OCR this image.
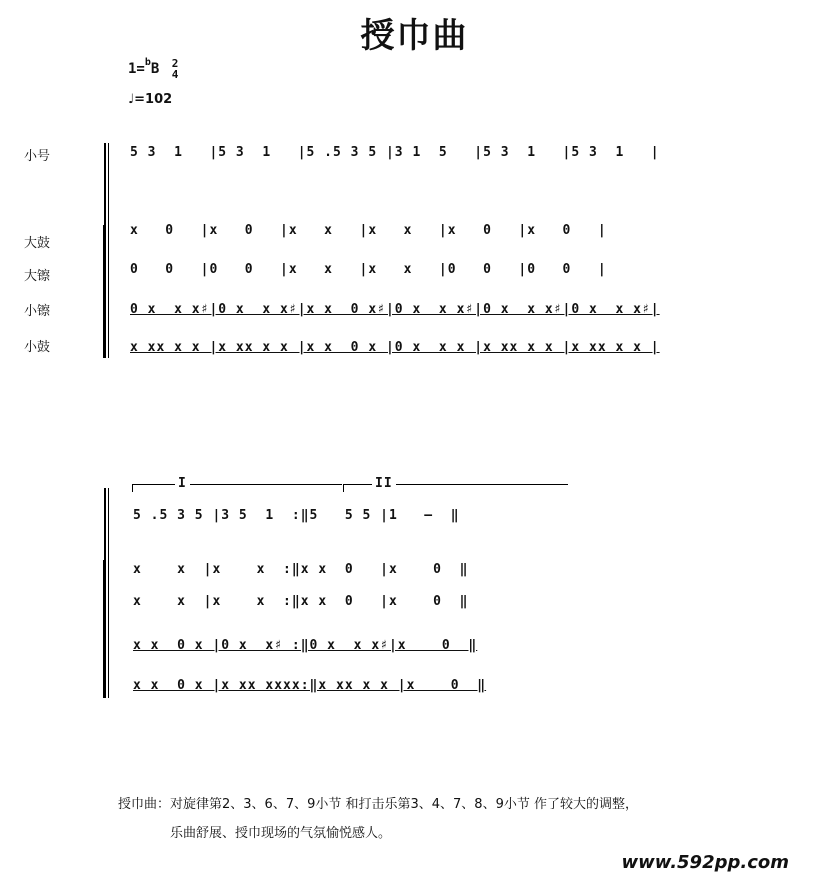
授巾曲
1=$^b$B 2
4
♩=102
小号
大鼓
大镲
小镲
小鼓
5 3  1   |5 3  1   |5 .5 3 5 |3 1  5   |5 3  1   |5 3  1   |
x   0   |x   0   |x   x   |x   x   |x   0   |x   0   |
0   0   |0   0   |x   x   |x   x   |0   0   |0   0   |
0 x  x x♯|0 x  x x♯|x x  0 x♯|0 x  x x♯|0 x  x x♯|0 x  x x♯|
x xx x x |x xx x x |x x  0 x |0 x  x x |x xx x x |x xx x x |
I	II
5 .5 3 5 |3 5  1  :‖5   5 5 |1   —  ‖
x    x  |x    x  :‖x x  0   |x    0  ‖
x    x  |x    x  :‖x x  0   |x    0  ‖
x x  0 x |0 x  x♯ :‖0 x  x x♯|x    0  ‖
x x  0 x |x xx xxxx:‖x xx x x |x    0  ‖
授巾曲：对旋律第2、3、6、7、9小节 和打击乐第3、4、7、8、9小节 作了较大的调整，
乐曲舒展、授巾现场的气氛愉悦感人。
www.592pp.com
